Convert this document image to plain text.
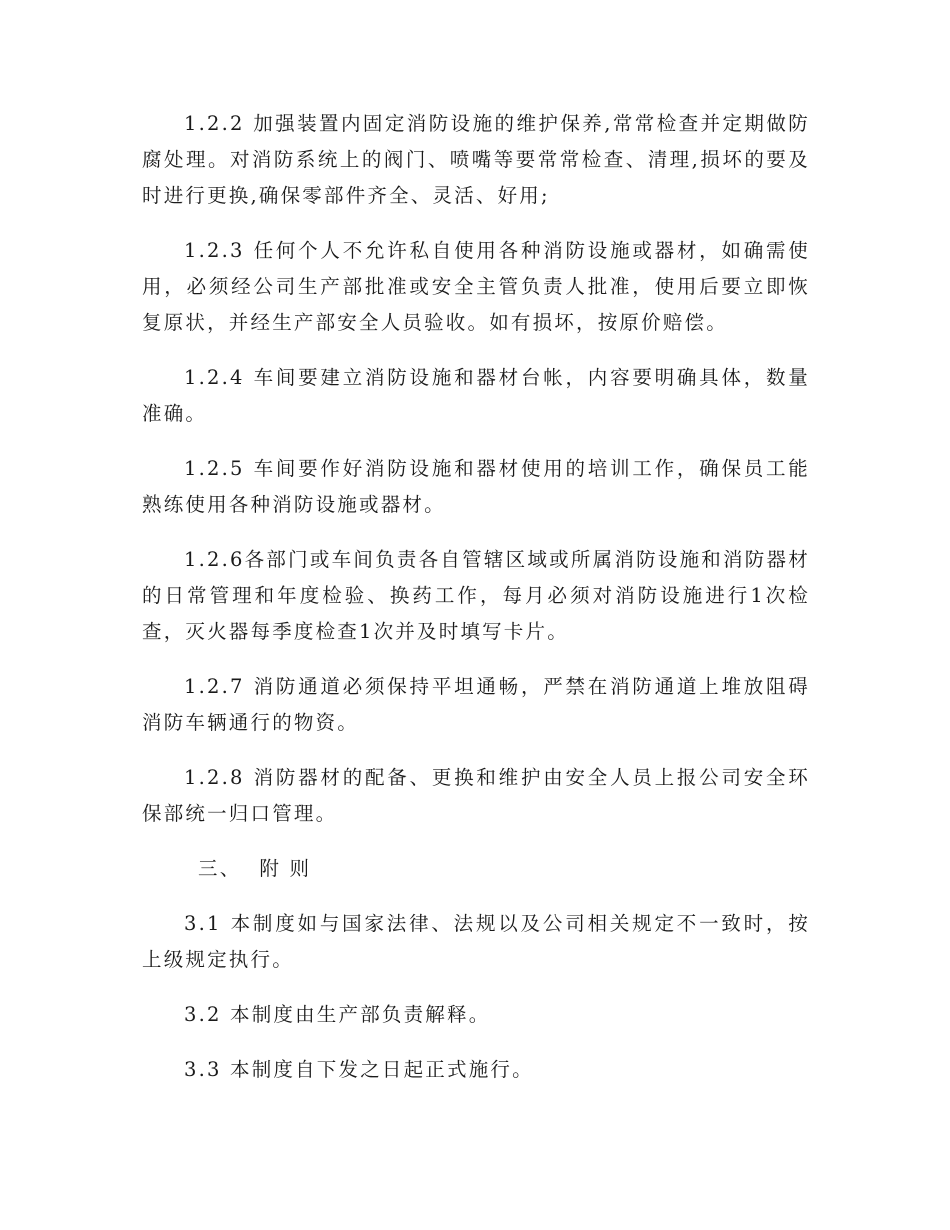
1.2.2 加强装置内固定消防设施的维护保养,常常检查并定期做防腐处理。对消防系统上的阀门、喷嘴等要常常检查、清理,损坏的要及时进行更换,确保零部件齐全、灵活、好用;

1.2.3 任何个人不允许私自使用各种消防设施或器材，如确需使用，必须经公司生产部批准或安全主管负责人批准，使用后要立即恢复原状，并经生产部安全人员验收。如有损坏，按原价赔偿。

1.2.4 车间要建立消防设施和器材台帐，内容要明确具体，数量准确。

1.2.5 车间要作好消防设施和器材使用的培训工作，确保员工能熟练使用各种消防设施或器材。

1.2.6各部门或车间负责各自管辖区域或所属消防设施和消防器材的日常管理和年度检验、换药工作，每月必须对消防设施进行1次检查，灭火器每季度检查1次并及时填写卡片。

1.2.7 消防通道必须保持平坦通畅，严禁在消防通道上堆放阻碍消防车辆通行的物资。

1.2.8 消防器材的配备、更换和维护由安全人员上报公司安全环保部统一归口管理。

三、 附 则

3.1 本制度如与国家法律、法规以及公司相关规定不一致时，按上级规定执行。

3.2 本制度由生产部负责解释。

3.3 本制度自下发之日起正式施行。
